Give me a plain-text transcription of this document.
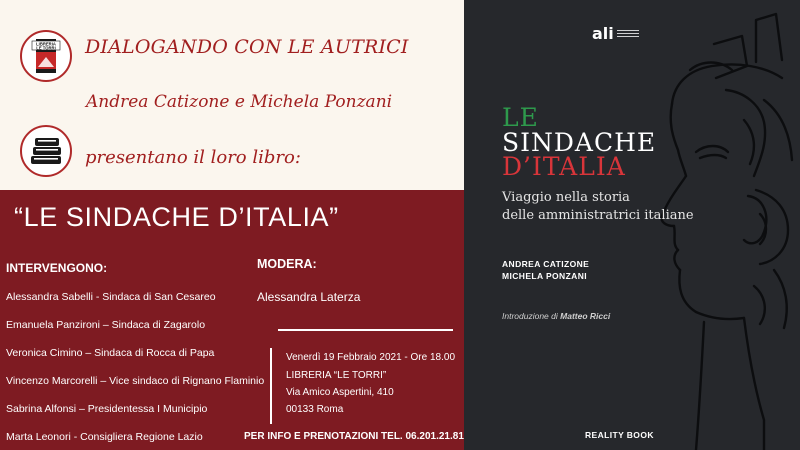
LIBRERIA
LE TORRI DIALOGANDO CON LE AUTRICI
Andrea Catizone e Michela Ponzani
presentano il loro libro:
“LE SINDACHE D’ITALIA”
INTERVENGONO:
Alessandra Sabelli - Sindaca di San Cesareo
Emanuela Panzironi – Sindaca di Zagarolo
Veronica Cimino – Sindaca di Rocca di Papa
Vincenzo Marcorelli – Vice sindaco di Rignano Flaminio
Sabrina Alfonsi – Presidentessa I Municipio
Marta Leonori - Consigliera Regione Lazio
MODERA:
Alessandra Laterza
Venerdì 19 Febbraio 2021 - Ore 18.00
LIBRERIA “LE TORRI”
Via Amico Aspertini, 410
00133 Roma
PER INFO E PRENOTAZIONI TEL. 06.201.21.81
ali
LE
SINDACHE
D’ITALIA
Viaggio nella storia
delle amministratrici italiane
ANDREA CATIZONE
MICHELA PONZANI
Introduzione di Matteo Ricci
REALITY BOOK
